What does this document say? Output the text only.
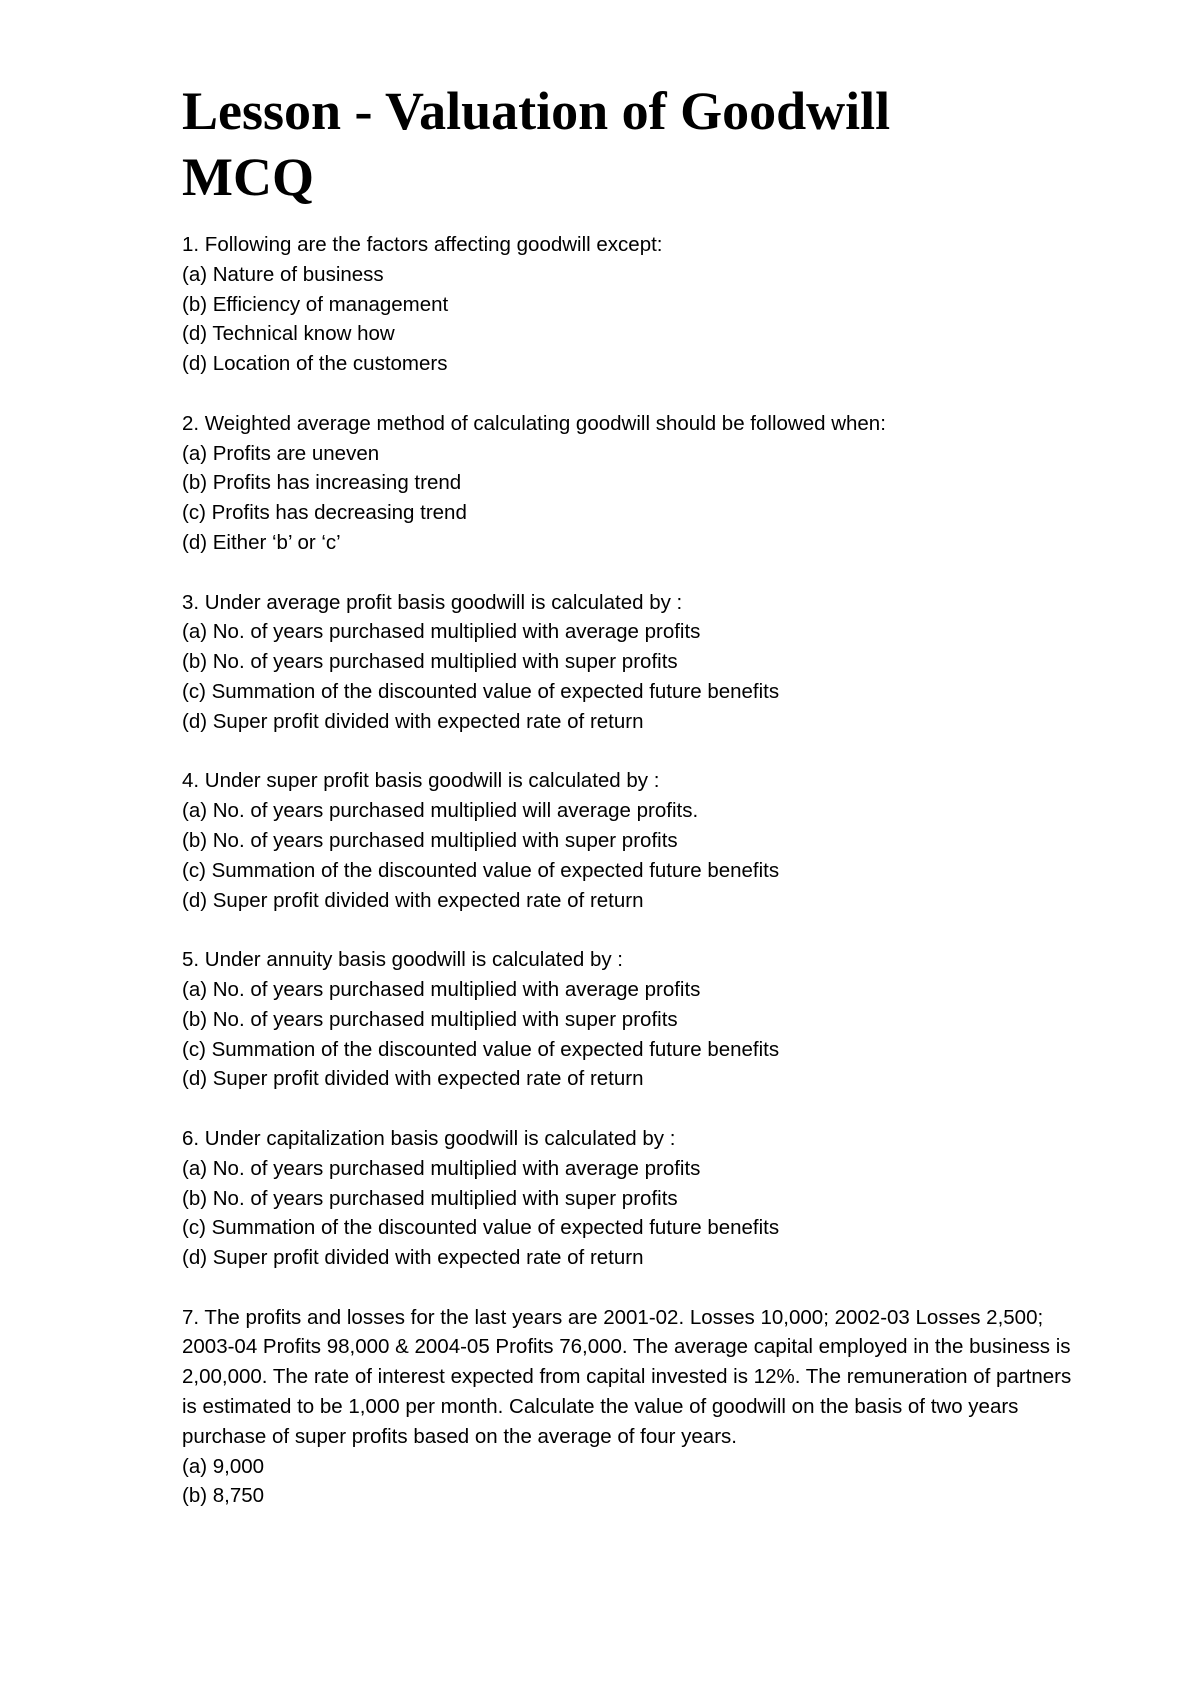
Lesson - Valuation of Goodwill
MCQ
1. Following are the factors affecting goodwill except:
(a) Nature of business
(b) Efficiency of management
(d) Technical know how
(d) Location of the customers
2. Weighted average method of calculating goodwill should be followed when:
(a) Profits are uneven
(b) Profits has increasing trend
(c) Profits has decreasing trend
(d) Either ‘b’ or ‘c’
3. Under average profit basis goodwill is calculated by :
(a) No. of years purchased multiplied with average profits
(b) No. of years purchased multiplied with super profits
(c) Summation of the discounted value of expected future benefits
(d) Super profit divided with expected rate of return
4. Under super profit basis goodwill is calculated by :
(a) No. of years purchased multiplied will average profits.
(b) No. of years purchased multiplied with super profits
(c) Summation of the discounted value of expected future benefits
(d) Super profit divided with expected rate of return
5. Under annuity basis goodwill is calculated by :
(a) No. of years purchased multiplied with average profits
(b) No. of years purchased multiplied with super profits
(c) Summation of the discounted value of expected future benefits
(d) Super profit divided with expected rate of return
6. Under capitalization basis goodwill is calculated by :
(a) No. of years purchased multiplied with average profits
(b) No. of years purchased multiplied with super profits
(c) Summation of the discounted value of expected future benefits
(d) Super profit divided with expected rate of return
7. The profits and losses for the last years are 2001-02. Losses 10,000; 2002-03 Losses 2,500; 2003-04 Profits 98,000 & 2004-05 Profits 76,000. The average capital employed in the business is 2,00,000. The rate of interest expected from capital invested is 12%. The remuneration of partners is estimated to be 1,000 per month. Calculate the value of goodwill on the basis of two years purchase of super profits based on the average of four years.
(a) 9,000
(b) 8,750
